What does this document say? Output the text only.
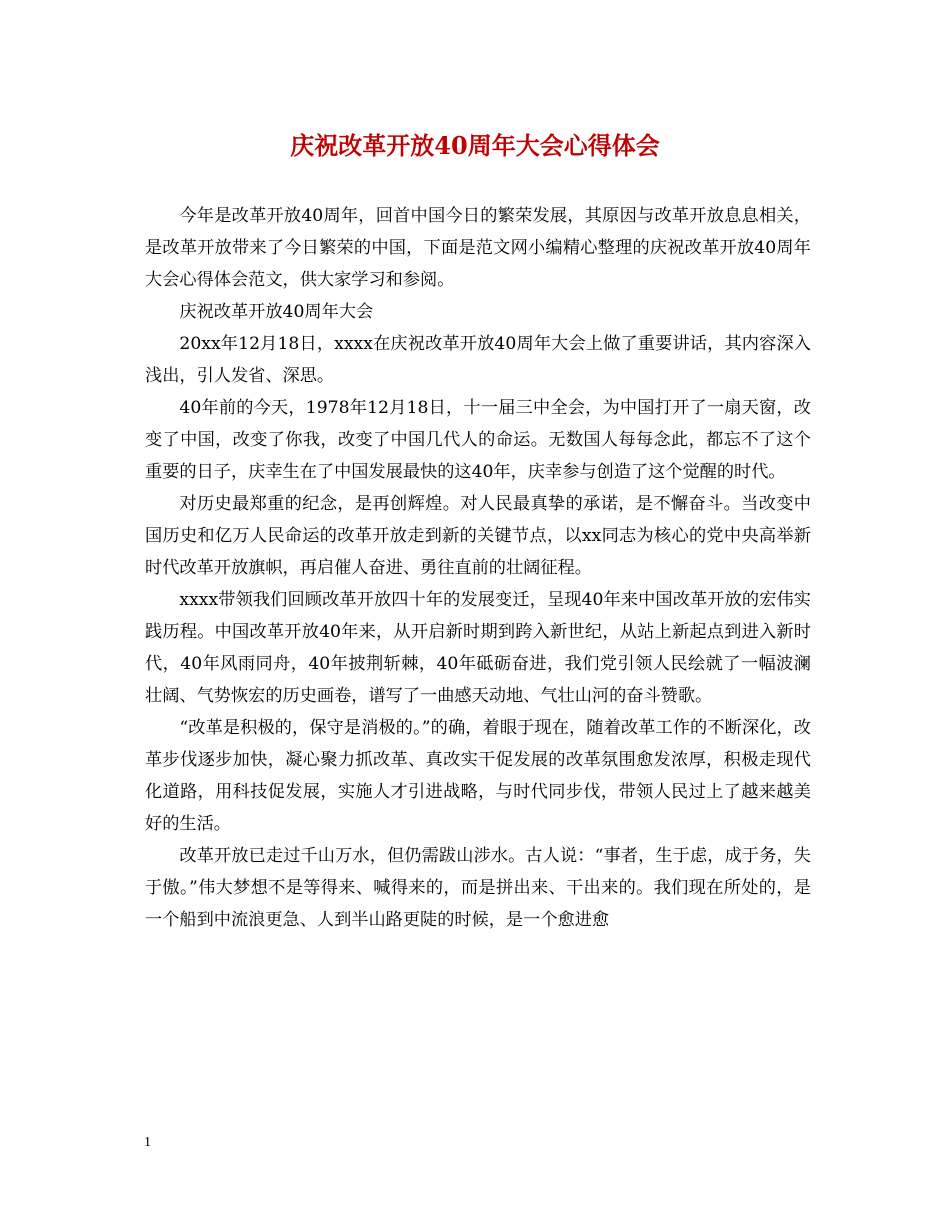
庆祝改革开放40周年大会心得体会

今年是改革开放40周年，回首中国今日的繁荣发展，其原因与改革开放息息相关，是改革开放带来了今日繁荣的中国，下面是范文网小编精心整理的庆祝改革开放40周年大会心得体会范文，供大家学习和参阅。

庆祝改革开放40周年大会

20xx年12月18日，xxxx在庆祝改革开放40周年大会上做了重要讲话，其内容深入浅出，引人发省、深思。

40年前的今天，1978年12月18日，十一届三中全会，为中国打开了一扇天窗，改变了中国，改变了你我，改变了中国几代人的命运。无数国人每每念此，都忘不了这个重要的日子，庆幸生在了中国发展最快的这40年，庆幸参与创造了这个觉醒的时代。

对历史最郑重的纪念，是再创辉煌。对人民最真挚的承诺，是不懈奋斗。当改变中国历史和亿万人民命运的改革开放走到新的关键节点，以xx同志为核心的党中央高举新时代改革开放旗帜，再启催人奋进、勇往直前的壮阔征程。

xxxx带领我们回顾改革开放四十年的发展变迁，呈现40年来中国改革开放的宏伟实践历程。中国改革开放40年来，从开启新时期到跨入新世纪，从站上新起点到进入新时代，40年风雨同舟，40年披荆斩棘，40年砥砺奋进，我们党引领人民绘就了一幅波澜壮阔、气势恢宏的历史画卷，谱写了一曲感天动地、气壮山河的奋斗赞歌。

“改革是积极的，保守是消极的。”的确，着眼于现在，随着改革工作的不断深化，改革步伐逐步加快，凝心聚力抓改革、真改实干促发展的改革氛围愈发浓厚，积极走现代化道路，用科技促发展，实施人才引进战略，与时代同步伐，带领人民过上了越来越美好的生活。

改革开放已走过千山万水，但仍需跋山涉水。古人说：“事者，生于虑，成于务，失于傲。”伟大梦想不是等得来、喊得来的，而是拼出来、干出来的。我们现在所处的，是一个船到中流浪更急、人到半山路更陡的时候，是一个愈进愈

1
